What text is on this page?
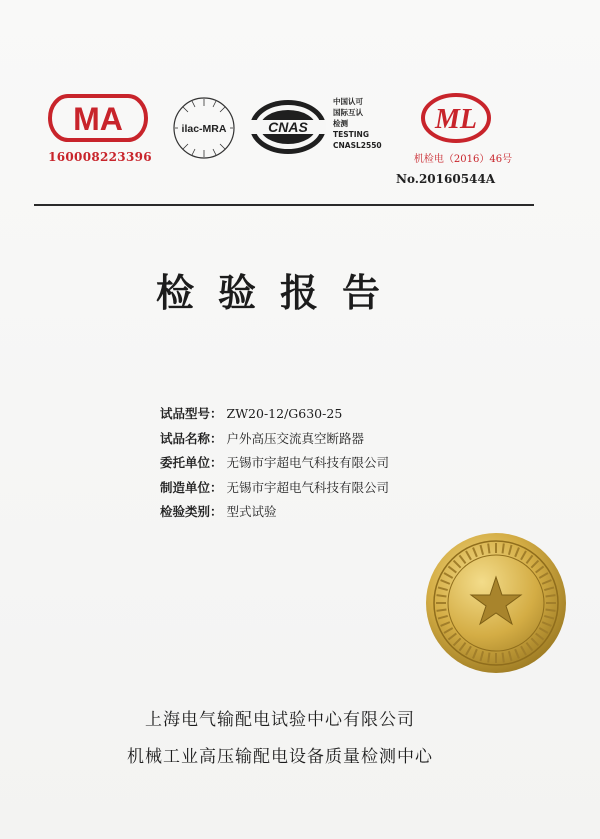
MA
160008223396
ilac-MRA	CNAS
中国认可
国际互认
检测
TESTING
CNASL2550
ML
机检电（2016）46号
No.20160544A
检验报告
试品型号： ZW20-12/G630-25
试品名称： 户外高压交流真空断路器
委托单位： 无锡市宇超电气科技有限公司
制造单位： 无锡市宇超电气科技有限公司
检验类别： 型式试验
上海电气输配电试验中心有限公司
机械工业高压输配电设备质量检测中心
